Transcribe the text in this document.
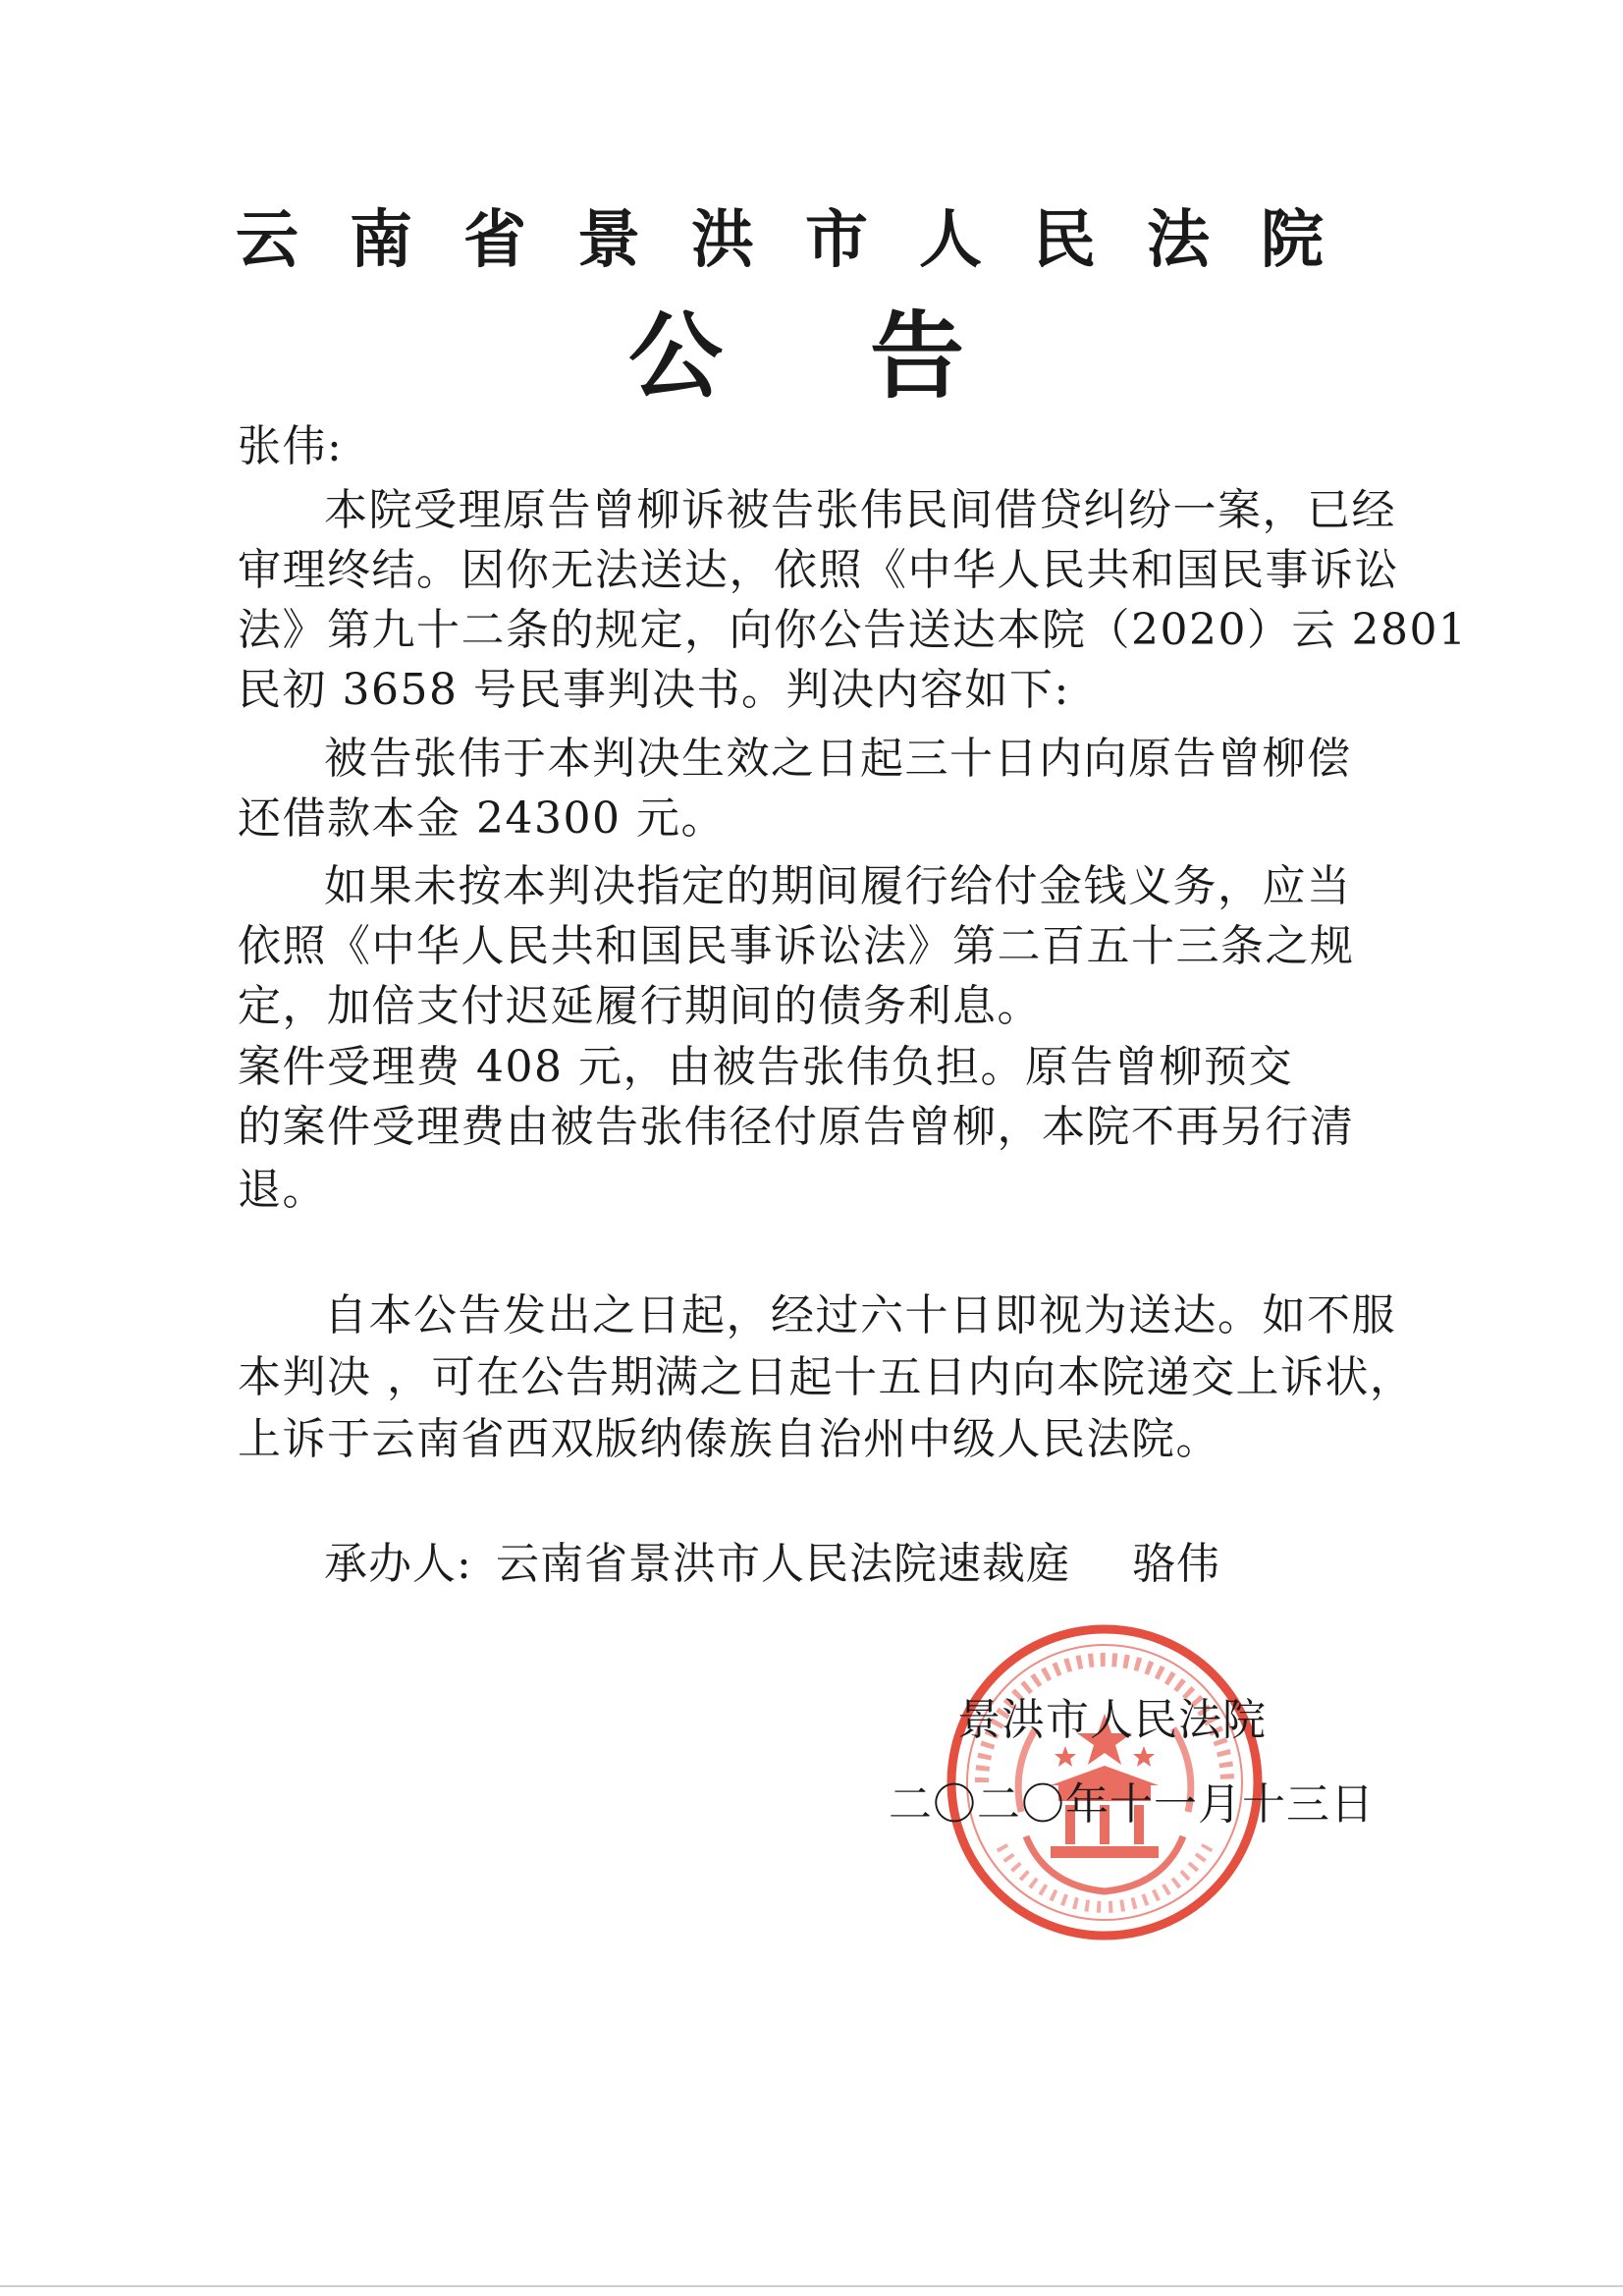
云南省景洪市人民法院
公告
张伟:
本院受理原告曾柳诉被告张伟民间借贷纠纷一案，已经
审理终结。因你无法送达，依照《中华人民共和国民事诉讼
法》第九十二条的规定，向你公告送达本院（2020）云 2801
民初 3658 号民事判决书。判决内容如下:
被告张伟于本判决生效之日起三十日内向原告曾柳偿
还借款本金 24300 元。
如果未按本判决指定的期间履行给付金钱义务，应当
依照《中华人民共和国民事诉讼法》第二百五十三条之规
定，加倍支付迟延履行期间的债务利息。
案件受理费 408 元，由被告张伟负担。原告曾柳预交
的案件受理费由被告张伟径付原告曾柳，本院不再另行清
退。
自本公告发出之日起，经过六十日即视为送达。如不服
本判决 ，可在公告期满之日起十五日内向本院递交上诉状，
上诉于云南省西双版纳傣族自治州中级人民法院。
承办人: 云南省景洪市人民法院速裁庭 骆伟
景洪市人民法院
二〇二〇年十一月十三日
